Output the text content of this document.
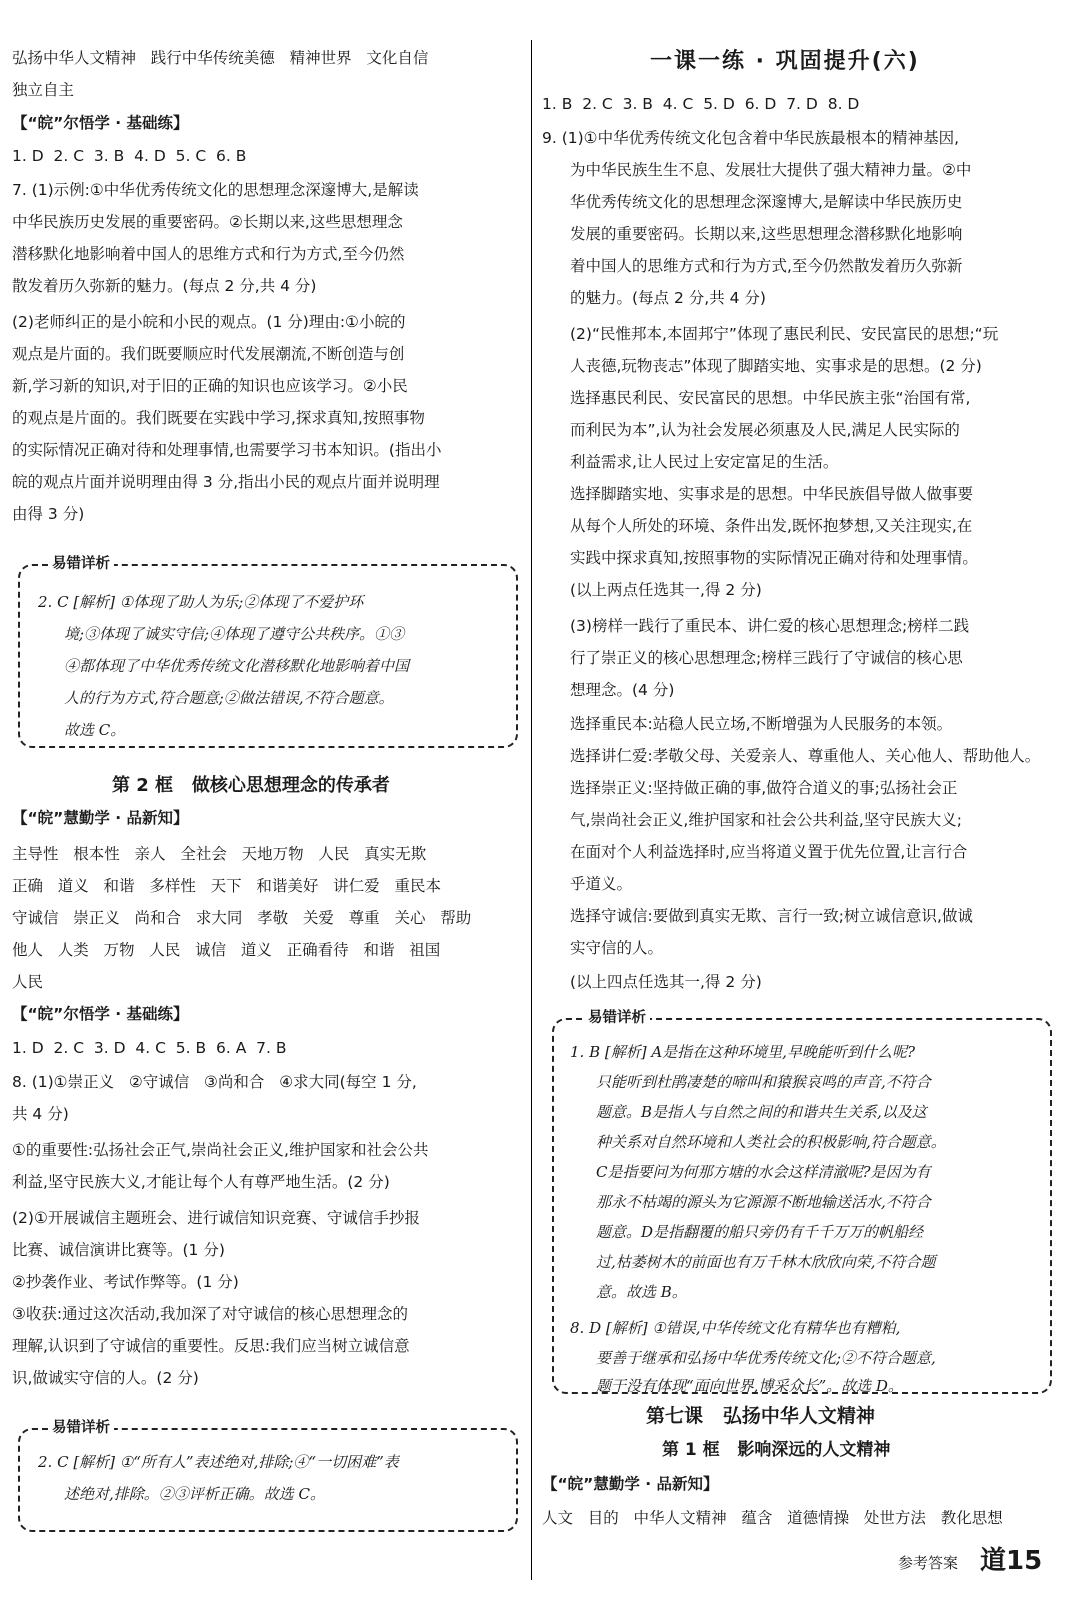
弘扬中华人文精神   践行中华传统美德   精神世界   文化自信
独立自主
【“皖”尔悟学 · 基础练】
1. D  2. C  3. B  4. D  5. C  6. B
7. (1)示例:①中华优秀传统文化的思想理念深邃博大,是解读
中华民族历史发展的重要密码。②长期以来,这些思想理念
潜移默化地影响着中国人的思维方式和行为方式,至今仍然
散发着历久弥新的魅力。(每点 2 分,共 4 分)
(2)老师纠正的是小皖和小民的观点。(1 分)理由:①小皖的
观点是片面的。我们既要顺应时代发展潮流,不断创造与创
新,学习新的知识,对于旧的正确的知识也应该学习。②小民
的观点是片面的。我们既要在实践中学习,探求真知,按照事物
的实际情况正确对待和处理事情,也需要学习书本知识。(指出小
皖的观点片面并说明理由得 3 分,指出小民的观点片面并说明理
由得 3 分)
易错详析
2. C [解析] ①体现了助人为乐;②体现了不爱护环
境;③体现了诚实守信;④体现了遵守公共秩序。①③
④都体现了中华优秀传统文化潜移默化地影响着中国
人的行为方式,符合题意;②做法错误,不符合题意。
故选 C。
第 2 框   做核心思想理念的传承者
【“皖”慧勤学 · 品新知】
主导性   根本性   亲人   全社会   天地万物   人民   真实无欺
正确   道义   和谐   多样性   天下   和谐美好   讲仁爱   重民本
守诚信   崇正义   尚和合   求大同   孝敬   关爱   尊重   关心   帮助
他人   人类   万物   人民   诚信   道义   正确看待   和谐   祖国
人民
【“皖”尔悟学 · 基础练】
1. D  2. C  3. D  4. C  5. B  6. A  7. B
8. (1)①崇正义   ②守诚信   ③尚和合   ④求大同(每空 1 分,
共 4 分)
①的重要性:弘扬社会正气,崇尚社会正义,维护国家和社会公共
利益,坚守民族大义,才能让每个人有尊严地生活。(2 分)
(2)①开展诚信主题班会、进行诚信知识竞赛、守诚信手抄报
比赛、诚信演讲比赛等。(1 分)
②抄袭作业、考试作弊等。(1 分)
③收获:通过这次活动,我加深了对守诚信的核心思想理念的
理解,认识到了守诚信的重要性。反思:我们应当树立诚信意
识,做诚实守信的人。(2 分)
易错详析
2. C [解析] ①“所有人”表述绝对,排除;④“一切困难”表
述绝对,排除。②③评析正确。故选 C。
一课一练 · 巩固提升(六)
1. B  2. C  3. B  4. C  5. D  6. D  7. D  8. D
9. (1)①中华优秀传统文化包含着中华民族最根本的精神基因,
为中华民族生生不息、发展壮大提供了强大精神力量。②中
华优秀传统文化的思想理念深邃博大,是解读中华民族历史
发展的重要密码。长期以来,这些思想理念潜移默化地影响
着中国人的思维方式和行为方式,至今仍然散发着历久弥新
的魅力。(每点 2 分,共 4 分)
(2)“民惟邦本,本固邦宁”体现了惠民利民、安民富民的思想;“玩
人丧德,玩物丧志”体现了脚踏实地、实事求是的思想。(2 分)
选择惠民利民、安民富民的思想。中华民族主张“治国有常,
而利民为本”,认为社会发展必须惠及人民,满足人民实际的
利益需求,让人民过上安定富足的生活。
选择脚踏实地、实事求是的思想。中华民族倡导做人做事要
从每个人所处的环境、条件出发,既怀抱梦想,又关注现实,在
实践中探求真知,按照事物的实际情况正确对待和处理事情。
(以上两点任选其一,得 2 分)
(3)榜样一践行了重民本、讲仁爱的核心思想理念;榜样二践
行了崇正义的核心思想理念;榜样三践行了守诚信的核心思
想理念。(4 分)
选择重民本:站稳人民立场,不断增强为人民服务的本领。
选择讲仁爱:孝敬父母、关爱亲人、尊重他人、关心他人、帮助他人。
选择崇正义:坚持做正确的事,做符合道义的事;弘扬社会正
气,崇尚社会正义,维护国家和社会公共利益,坚守民族大义;
在面对个人利益选择时,应当将道义置于优先位置,让言行合
乎道义。
选择守诚信:要做到真实无欺、言行一致;树立诚信意识,做诚
实守信的人。
(以上四点任选其一,得 2 分)
易错详析
1. B [解析] A是指在这种环境里,早晚能听到什么呢?
只能听到杜鹃凄楚的啼叫和猿猴哀鸣的声音,不符合
题意。B是指人与自然之间的和谐共生关系,以及这
种关系对自然环境和人类社会的积极影响,符合题意。
C是指要问为何那方塘的水会这样清澈呢?是因为有
那永不枯竭的源头为它源源不断地输送活水,不符合
题意。D是指翻覆的船只旁仍有千千万万的帆船经
过,枯萎树木的前面也有万千林木欣欣向荣,不符合题
意。故选 B。
8. D [解析] ①错误,中华传统文化有精华也有糟粕,
要善于继承和弘扬中华优秀传统文化;②不符合题意,
第七课   弘扬中华人文精神
第 1 框   影响深远的人文精神
【“皖”慧勤学 · 品新知】
人文   目的   中华人文精神   蕴含   道德情操   处世方法   教化思想
参考答案 道15
题干没有体现“面向世界,博采众长”。故选 D。
